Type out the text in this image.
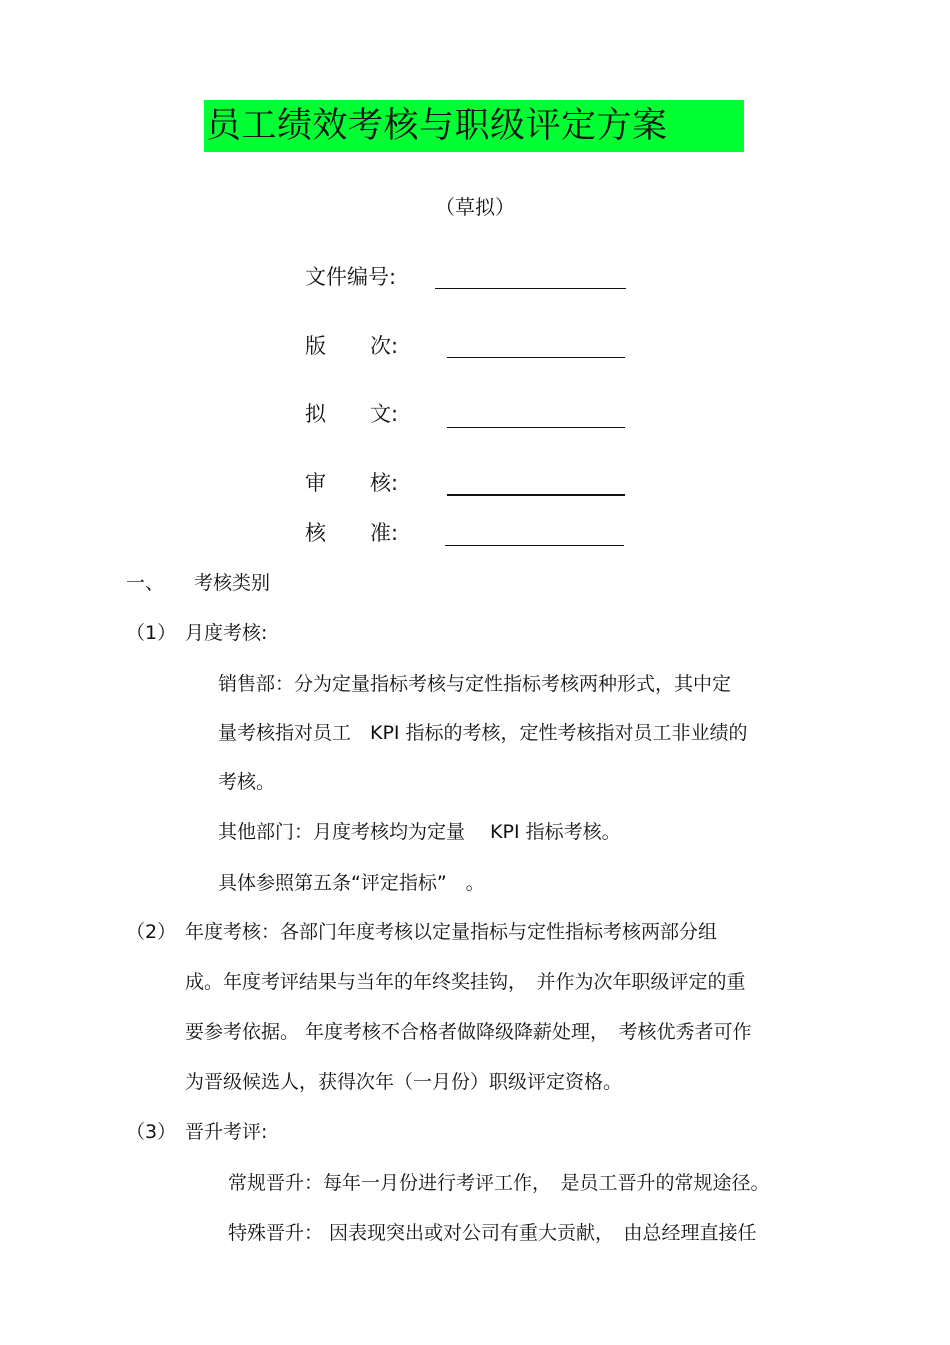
员工绩效考核与职级评定方案
（草拟）
文件编号:
版 次:
拟 文:
审 核:
核 准:
一、 考核类别
（1） 月度考核:
销售部：分为定量指标考核与定性指标考核两种形式，其中定
量考核指对员工　KPI 指标的考核，定性考核指对员工非业绩的
考核。
其他部门：月度考核均为定量　 KPI 指标考核。
具体参照第五条“评定指标”　。
（2） 年度考核：各部门年度考核以定量指标与定性指标考核两部分组
成。年度考评结果与当年的年终奖挂钩，　并作为次年职级评定的重
要参考依据。 年度考核不合格者做降级降薪处理，　考核优秀者可作
为晋级候选人，获得次年（一月份）职级评定资格。
（3） 晋升考评:
常规晋升：每年一月份进行考评工作，　是员工晋升的常规途径。
特殊晋升： 因表现突出或对公司有重大贡献，　由总经理直接任
